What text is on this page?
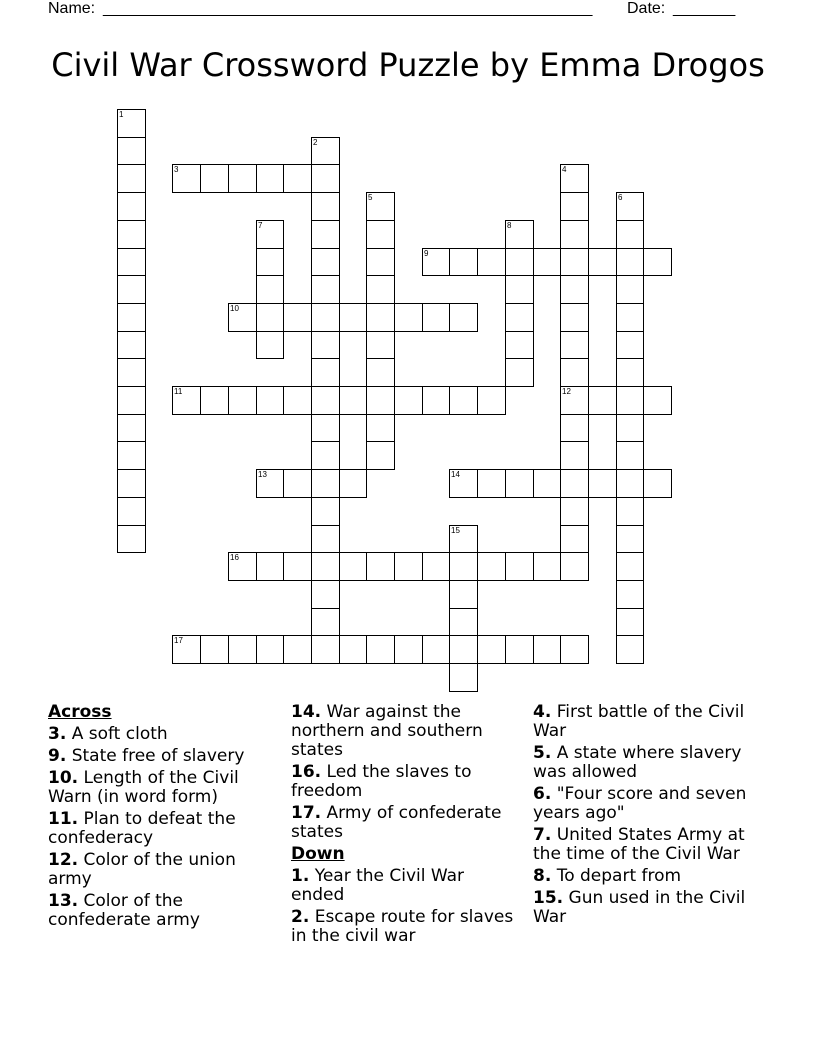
Name: _______________________________________________________ Date: _______
Civil War Crossword Puzzle by Emma Drogos
1
2
3	4
12
5	6
7	8
9
10
11
13	14
15
16
17
Across
3. A soft cloth
9. State free of slavery
10. Length of the Civil Warn (in word form)
11. Plan to defeat the confederacy
12. Color of the union army
13. Color of the confederate army
14. War against the northern and southern states
16. Led the slaves to freedom
17. Army of confederate states
Down
1. Year the Civil War ended
2. Escape route for slaves in the civil war
4. First battle of the Civil War
5. A state where slavery was allowed
6. "Four score and seven years ago"
7. United States Army at the time of the Civil War
8. To depart from
15. Gun used in the Civil War
